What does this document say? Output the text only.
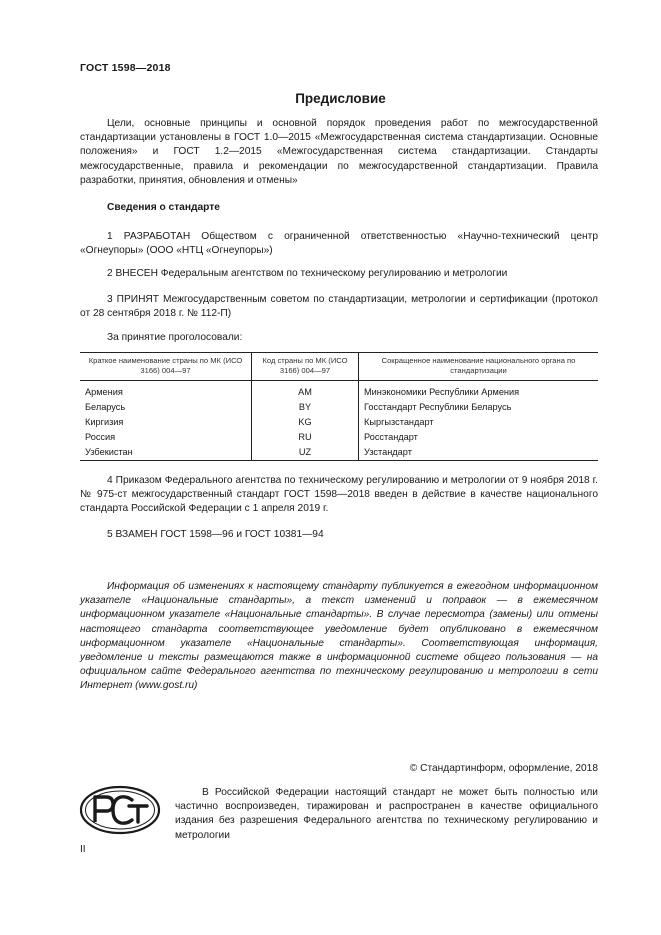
ГОСТ 1598—2018
Предисловие

Цели, основные принципы и основной порядок проведения работ по межгосударственной стандартизации установлены в ГОСТ 1.0—2015 «Межгосударственная система стандартизации. Основные положения» и ГОСТ 1.2—2015 «Межгосударственная система стандартизации. Стандарты межгосударственные, правила и рекомендации по межгосударственной стандартизации. Правила разработки, принятия, обновления и отмены»

Сведения о стандарте

1 РАЗРАБОТАН Обществом с ограниченной ответственностью «Научно-технический центр «Огнеупоры» (ООО «НТЦ «Огнеупоры»)

2 ВНЕСЕН Федеральным агентством по техническому регулированию и метрологии

3 ПРИНЯТ Межгосударственным советом по стандартизации, метрологии и сертификации (протокол от 28 сентября 2018 г. № 112-П)

За принятие проголосовали:

Краткое наименование страны по МК (ИСО 3166) 004—97	Код страны по МК (ИСО 3166) 004—97	Сокращенное наименование национального органа по стандартизации
Армения	AM	Минэкономики Республики Армения
Беларусь	BY	Госстандарт Республики Беларусь
Киргизия	KG	Кыргызстандарт
Россия	RU	Росстандарт
Узбекистан	UZ	Узстандарт

4 Приказом Федерального агентства по техническому регулированию и метрологии от 9 ноября 2018 г. № 975-ст межгосударственный стандарт ГОСТ 1598—2018 введен в действие в качестве национального стандарта Российской Федерации с 1 апреля 2019 г.

5 ВЗАМЕН ГОСТ 1598—96 и ГОСТ 10381—94

Информация об изменениях к настоящему стандарту публикуется в ежегодном информационном указателе «Национальные стандарты», а текст изменений и поправок — в ежемесячном информационном указателе «Национальные стандарты». В случае пересмотра (замены) или отмены настоящего стандарта соответствующее уведомление будет опубликовано в ежемесячном информационном указателе «Национальные стандарты». Соответствующая информация, уведомление и тексты размещаются также в информационной системе общего пользования — на официальном сайте Федерального агентства по техническому регулированию и метрологии в сети Интернет (www.gost.ru)

© Стандартинформ, оформление, 2018

В Российской Федерации настоящий стандарт не может быть полностью или частично воспроизведен, тиражирован и распространен в качестве официального издания без разрешения Федерального агентства по техническому регулированию и метрологии

II
